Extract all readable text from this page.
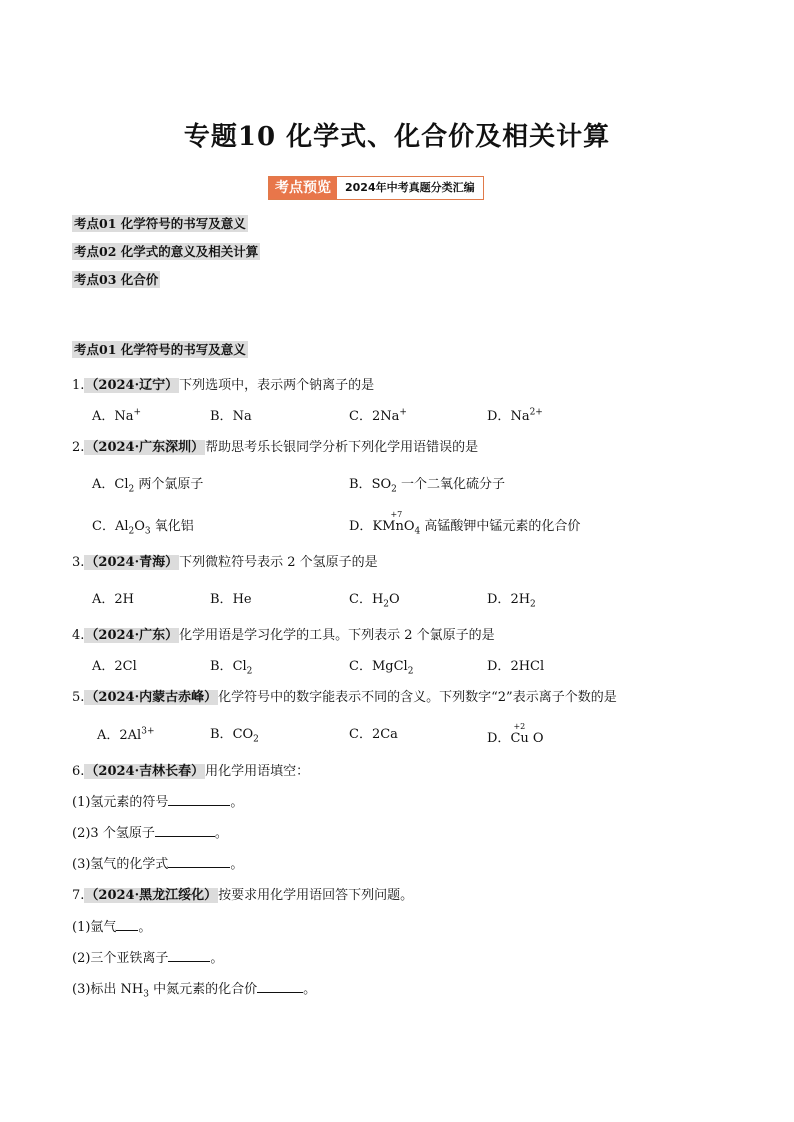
专题10 化学式、化合价及相关计算
考点预览	2024年中考真题分类汇编
考点01 化学符号的书写及意义
考点02 化学式的意义及相关计算
考点03 化合价
考点01 化学符号的书写及意义
1.（2024·辽宁）下列选项中，表示两个钠离子的是
A．Na+	B．Na	C．2Na+	D．$Na^{2+}$
2.（2024·广东深圳）帮助思考乐长银同学分析下列化学用语错误的是
A．$Cl_2$ 两个氯原子	B．$SO_2$ 一个二氧化硫分子
C．$Al_2O_3$ 氧化铝	D．
+7
KMnO$_4$ 高锰酸钾中锰元素的化合价
3.（2024·青海）下列微粒符号表示 2 个氢原子的是
A．2H	B．He	C．$H_2O$	D．$2H_2$
4.（2024·广东）化学用语是学习化学的工具。下列表示 2 个氯原子的是
A．2Cl	B．$Cl_2$	C．MgCl$_2$	D．2HCl
5.（2024·内蒙古赤峰）化学符号中的数字能表示不同的含义。下列数字“2”表示离子个数的是
A．$2Al^{3+}$	B．$CO_2$	C．2Ca	D．
+2
Cu O
6.（2024·吉林长春）用化学用语填空：
(1)氢元素的符号	。
(2)3 个氢原子	。
(3)氢气的化学式	。
7.（2024·黑龙江绥化）按要求用化学用语回答下列问题。
(1)氩气 。
(2)三个亚铁离子	。
(3)标出 $NH_3$ 中氮元素的化合价	。
